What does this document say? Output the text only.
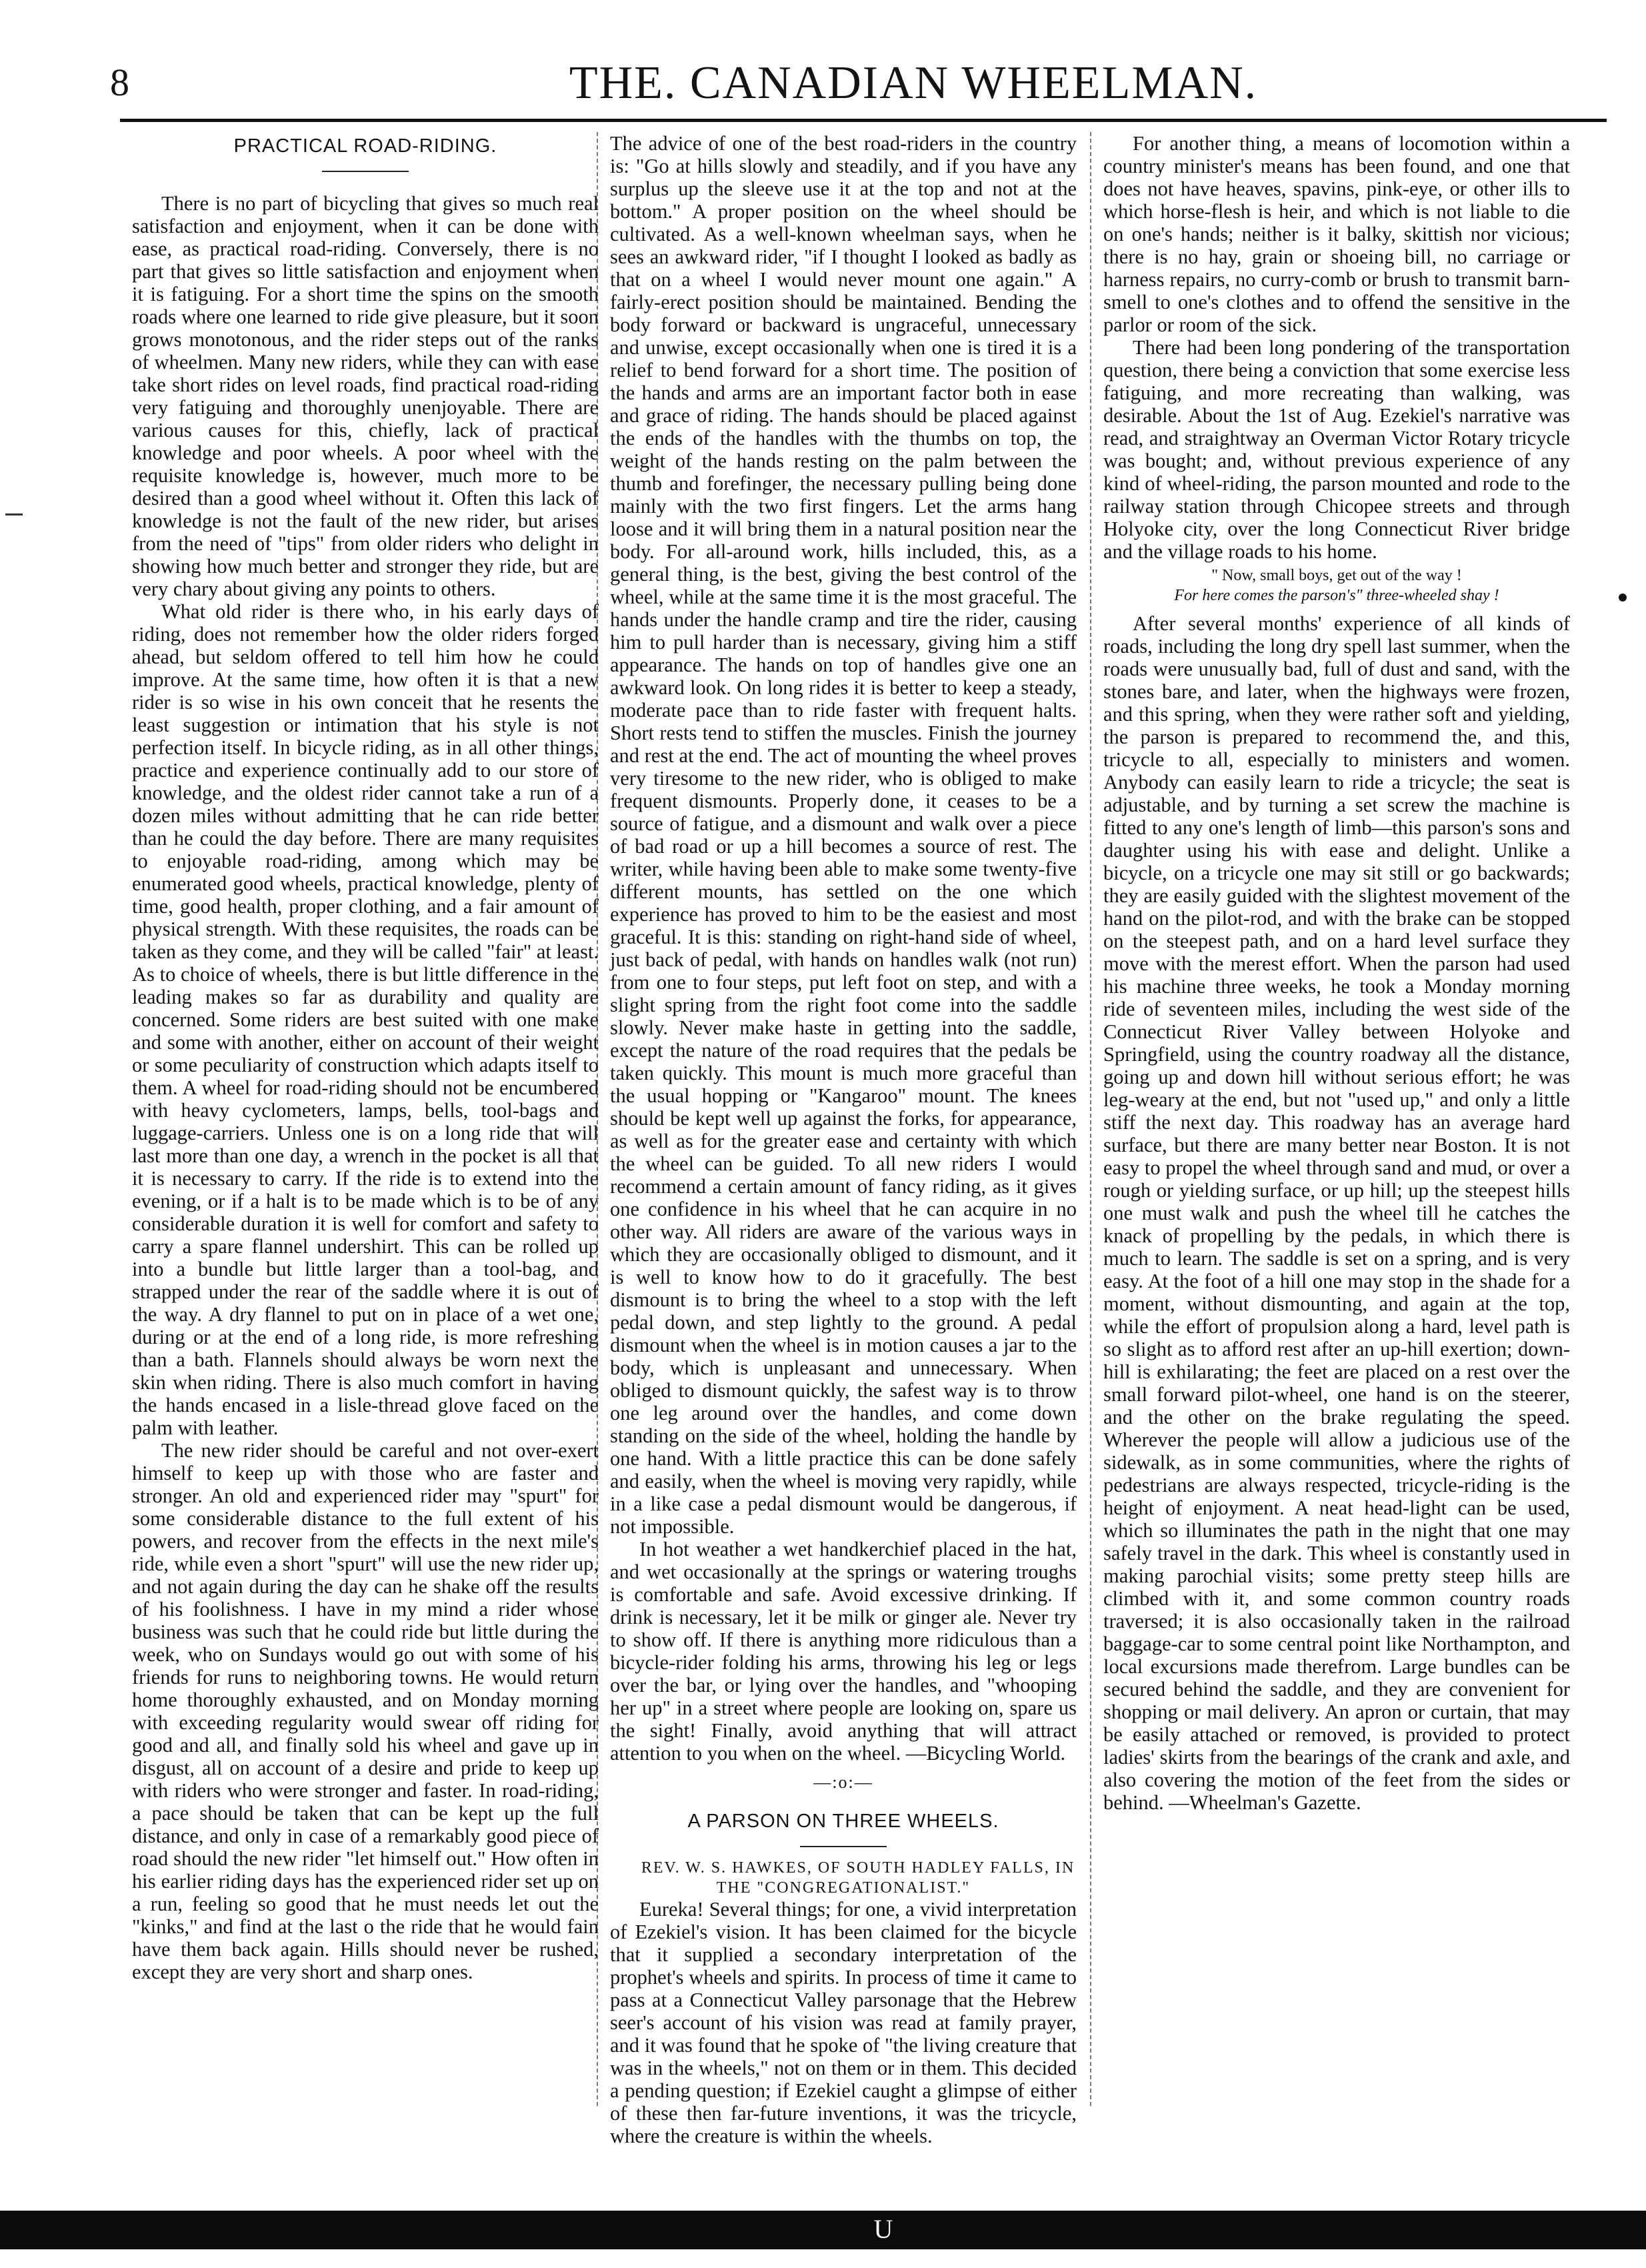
8	THE. CANADIAN WHEELMAN.
PRACTICAL ROAD-RIDING.

There is no part of bicycling that gives so much real satisfaction and enjoyment, when it can be done with ease, as practical road-riding. Conversely, there is no part that gives so little satisfaction and enjoyment when it is fatiguing. For a short time the spins on the smooth roads where one learned to ride give pleasure, but it soon grows monotonous, and the rider steps out of the ranks of wheelmen. Many new riders, while they can with ease take short rides on level roads, find practical road-riding very fatiguing and thoroughly unenjoyable. There are various causes for this, chiefly, lack of practical knowledge and poor wheels. A poor wheel with the requisite knowledge is, however, much more to be desired than a good wheel without it. Often this lack of knowledge is not the fault of the new rider, but arises from the need of "tips" from older riders who delight in showing how much better and stronger they ride, but are very chary about giving any points to others.

What old rider is there who, in his early days of riding, does not remember how the older riders forged ahead, but seldom offered to tell him how he could improve. At the same time, how often it is that a new rider is so wise in his own conceit that he resents the least suggestion or intimation that his style is not perfection itself. In bicycle riding, as in all other things, practice and experience continually add to our store of knowledge, and the oldest rider cannot take a run of a dozen miles without admitting that he can ride better than he could the day before. There are many requisites to enjoyable road-riding, among which may be enumerated good wheels, practical knowledge, plenty of time, good health, proper clothing, and a fair amount of physical strength. With these requisites, the roads can be taken as they come, and they will be called "fair" at least. As to choice of wheels, there is but little difference in the leading makes so far as durability and quality are concerned. Some riders are best suited with one make and some with another, either on account of their weight or some peculiarity of construction which adapts itself to them. A wheel for road-riding should not be encumbered with heavy cyclometers, lamps, bells, tool-bags and luggage-carriers. Unless one is on a long ride that will last more than one day, a wrench in the pocket is all that it is necessary to carry. If the ride is to extend into the evening, or if a halt is to be made which is to be of any considerable duration it is well for comfort and safety to carry a spare flannel undershirt. This can be rolled up into a bundle but little larger than a tool-bag, and strapped under the rear of the saddle where it is out of the way. A dry flannel to put on in place of a wet one, during or at the end of a long ride, is more refreshing than a bath. Flannels should always be worn next the skin when riding. There is also much comfort in having the hands encased in a lisle-thread glove faced on the palm with leather.

The new rider should be careful and not over-exert himself to keep up with those who are faster and stronger. An old and experienced rider may "spurt" for some considerable distance to the full extent of his powers, and recover from the effects in the next mile's ride, while even a short "spurt" will use the new rider up, and not again during the day can he shake off the results of his foolishness. I have in my mind a rider whose business was such that he could ride but little during the week, who on Sundays would go out with some of his friends for runs to neighboring towns. He would return home thoroughly exhausted, and on Monday morning with exceeding regularity would swear off riding for good and all, and finally sold his wheel and gave up in disgust, all on account of a desire and pride to keep up with riders who were stronger and faster. In road-riding, a pace should be taken that can be kept up the full distance, and only in case of a remarkably good piece of road should the new rider "let himself out." How often in his earlier riding days has the experienced rider set up on a run, feeling so good that he must needs let out the "kinks," and find at the last o the ride that he would fain have them back again. Hills should never be rushed, except they are very short and sharp ones.

The advice of one of the best road-riders in the country is: "Go at hills slowly and steadily, and if you have any surplus up the sleeve use it at the top and not at the bottom." A proper position on the wheel should be cultivated. As a well-known wheelman says, when he sees an awkward rider, "if I thought I looked as badly as that on a wheel I would never mount one again." A fairly-erect position should be maintained. Bending the body forward or backward is ungraceful, unnecessary and unwise, except occasionally when one is tired it is a relief to bend forward for a short time. The position of the hands and arms are an important factor both in ease and grace of riding. The hands should be placed against the ends of the handles with the thumbs on top, the weight of the hands resting on the palm between the thumb and forefinger, the necessary pulling being done mainly with the two first fingers. Let the arms hang loose and it will bring them in a natural position near the body. For all-around work, hills included, this, as a general thing, is the best, giving the best control of the wheel, while at the same time it is the most graceful. The hands under the handle cramp and tire the rider, causing him to pull harder than is necessary, giving him a stiff appearance. The hands on top of handles give one an awkward look. On long rides it is better to keep a steady, moderate pace than to ride faster with frequent halts. Short rests tend to stiffen the muscles. Finish the journey and rest at the end. The act of mounting the wheel proves very tiresome to the new rider, who is obliged to make frequent dismounts. Properly done, it ceases to be a source of fatigue, and a dismount and walk over a piece of bad road or up a hill becomes a source of rest. The writer, while having been able to make some twenty-five different mounts, has settled on the one which experience has proved to him to be the easiest and most graceful. It is this: standing on right-hand side of wheel, just back of pedal, with hands on handles walk (not run) from one to four steps, put left foot on step, and with a slight spring from the right foot come into the saddle slowly. Never make haste in getting into the saddle, except the nature of the road requires that the pedals be taken quickly. This mount is much more graceful than the usual hopping or "Kangaroo" mount. The knees should be kept well up against the forks, for appearance, as well as for the greater ease and certainty with which the wheel can be guided. To all new riders I would recommend a certain amount of fancy riding, as it gives one confidence in his wheel that he can acquire in no other way. All riders are aware of the various ways in which they are occasionally obliged to dismount, and it is well to know how to do it gracefully. The best dismount is to bring the wheel to a stop with the left pedal down, and step lightly to the ground. A pedal dismount when the wheel is in motion causes a jar to the body, which is unpleasant and unnecessary. When obliged to dismount quickly, the safest way is to throw one leg around over the handles, and come down standing on the side of the wheel, holding the handle by one hand. With a little practice this can be done safely and easily, when the wheel is moving very rapidly, while in a like case a pedal dismount would be dangerous, if not impossible.

In hot weather a wet handkerchief placed in the hat, and wet occasionally at the springs or watering troughs is comfortable and safe. Avoid excessive drinking. If drink is necessary, let it be milk or ginger ale. Never try to show off. If there is anything more ridiculous than a bicycle-rider folding his arms, throwing his leg or legs over the bar, or lying over the handles, and "whooping her up" in a street where people are looking on, spare us the sight! Finally, avoid anything that will attract attention to you when on the wheel. —Bicycling World.

—:o:—
A PARSON ON THREE WHEELS.

REV. W. S. HAWKES, OF SOUTH HADLEY FALLS, IN THE "CONGREGATIONALIST."

Eureka! Several things; for one, a vivid interpretation of Ezekiel's vision. It has been claimed for the bicycle that it supplied a secondary interpretation of the prophet's wheels and spirits. In process of time it came to pass at a Connecticut Valley parsonage that the Hebrew seer's account of his vision was read at family prayer, and it was found that he spoke of "the living creature that was in the wheels," not on them or in them. This decided a pending question; if Ezekiel caught a glimpse of either of these then far-future inventions, it was the tricycle, where the creature is within the wheels.

For another thing, a means of locomotion within a country minister's means has been found, and one that does not have heaves, spavins, pink-eye, or other ills to which horse-flesh is heir, and which is not liable to die on one's hands; neither is it balky, skittish nor vicious; there is no hay, grain or shoeing bill, no carriage or harness repairs, no curry-comb or brush to transmit barn-smell to one's clothes and to offend the sensitive in the parlor or room of the sick.

There had been long pondering of the transportation question, there being a conviction that some exercise less fatiguing, and more recreating than walking, was desirable. About the 1st of Aug. Ezekiel's narrative was read, and straightway an Overman Victor Rotary tricycle was bought; and, without previous experience of any kind of wheel-riding, the parson mounted and rode to the railway station through Chicopee streets and through Holyoke city, over the long Connecticut River bridge and the village roads to his home.

" Now, small boys, get out of the way !
For here comes the parson's" three-wheeled shay !

After several months' experience of all kinds of roads, including the long dry spell last summer, when the roads were unusually bad, full of dust and sand, with the stones bare, and later, when the highways were frozen, and this spring, when they were rather soft and yielding, the parson is prepared to recommend the, and this, tricycle to all, especially to ministers and women. Anybody can easily learn to ride a tricycle; the seat is adjustable, and by turning a set screw the machine is fitted to any one's length of limb—this parson's sons and daughter using his with ease and delight. Unlike a bicycle, on a tricycle one may sit still or go backwards; they are easily guided with the slightest movement of the hand on the pilot-rod, and with the brake can be stopped on the steepest path, and on a hard level surface they move with the merest effort. When the parson had used his machine three weeks, he took a Monday morning ride of seventeen miles, including the west side of the Connecticut River Valley between Holyoke and Springfield, using the country roadway all the distance, going up and down hill without serious effort; he was leg-weary at the end, but not "used up," and only a little stiff the next day. This roadway has an average hard surface, but there are many better near Boston. It is not easy to propel the wheel through sand and mud, or over a rough or yielding surface, or up hill; up the steepest hills one must walk and push the wheel till he catches the knack of propelling by the pedals, in which there is much to learn. The saddle is set on a spring, and is very easy. At the foot of a hill one may stop in the shade for a moment, without dismounting, and again at the top, while the effort of propulsion along a hard, level path is so slight as to afford rest after an up-hill exertion; down-hill is exhilarating; the feet are placed on a rest over the small forward pilot-wheel, one hand is on the steerer, and the other on the brake regulating the speed. Wherever the people will allow a judicious use of the sidewalk, as in some communities, where the rights of pedestrians are always respected, tricycle-riding is the height of enjoyment. A neat head-light can be used, which so illuminates the path in the night that one may safely travel in the dark. This wheel is constantly used in making parochial visits; some pretty steep hills are climbed with it, and some common country roads traversed; it is also occasionally taken in the railroad baggage-car to some central point like Northampton, and local excursions made therefrom. Large bundles can be secured behind the saddle, and they are convenient for shopping or mail delivery. An apron or curtain, that may be easily attached or removed, is provided to protect ladies' skirts from the bearings of the crank and axle, and also covering the motion of the feet from the sides or behind. —Wheelman's Gazette.

U
